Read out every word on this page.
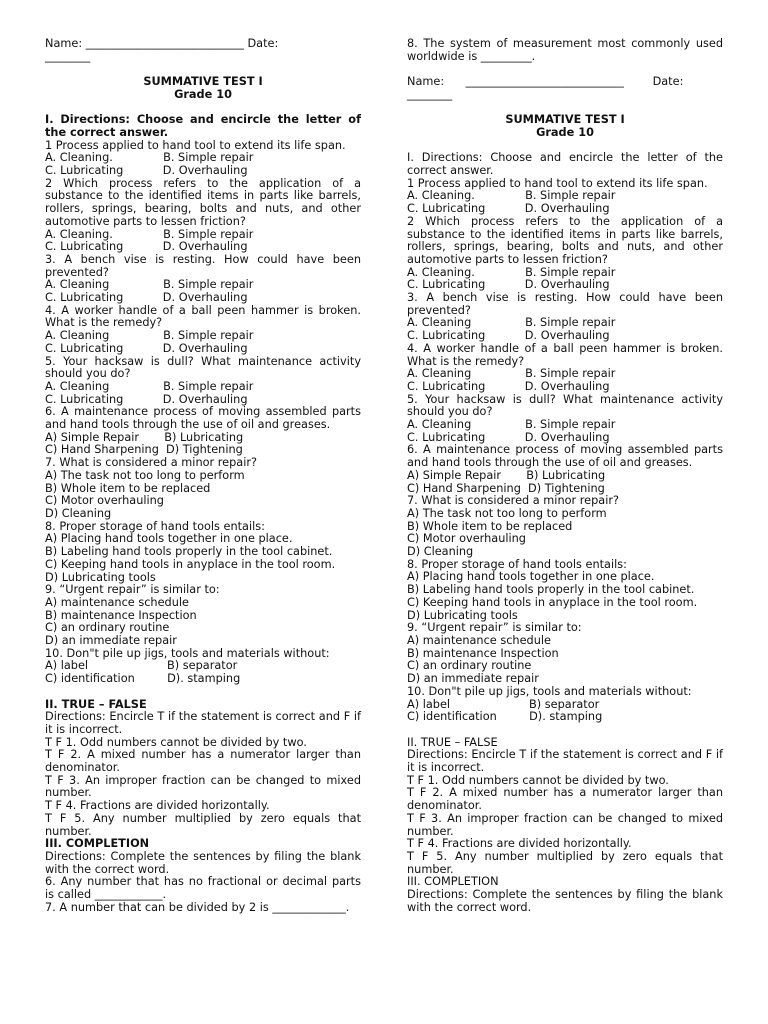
Name: ____________________________ Date:
________
SUMMATIVE TEST I
Grade 10
I. Directions: Choose and encircle the letter of the correct answer.
1 Process applied to hand tool to extend its life span.
A. Cleaning.              B. Simple repair
C. Lubricating           D. Overhauling
2 Which process refers to the application of a substance to the identified items in parts like barrels, rollers, springs, bearing, bolts and nuts, and other automotive parts to lessen friction?
A. Cleaning.              B. Simple repair
C. Lubricating           D. Overhauling
3. A bench vise is resting. How could have been prevented?
A. Cleaning               B. Simple repair
C. Lubricating           D. Overhauling
4. A worker handle of a ball peen hammer is broken. What is the remedy?
A. Cleaning               B. Simple repair
C. Lubricating           D. Overhauling
5. Your hacksaw is dull? What maintenance activity should you do?
A. Cleaning               B. Simple repair
C. Lubricating           D. Overhauling
6. A maintenance process of moving assembled parts and hand tools through the use of oil and greases.
A) Simple Repair       B) Lubricating
C) Hand Sharpening  D) Tightening
7. What is considered a minor repair?
A) The task not too long to perform
B) Whole item to be replaced
C) Motor overhauling
D) Cleaning
8. Proper storage of hand tools entails:
A) Placing hand tools together in one place.
B) Labeling hand tools properly in the tool cabinet.
C) Keeping hand tools in anyplace in the tool room.
D) Lubricating tools
9. “Urgent repair” is similar to:
A) maintenance schedule
B) maintenance Inspection
C) an ordinary routine
D) an immediate repair
10. Don"t pile up jigs, tools and materials without:
A) label                      B) separator
C) identification         D). stamping
II. TRUE – FALSE
Directions: Encircle T if the statement is correct and F if it is incorrect.
T F 1. Odd numbers cannot be divided by two.
T F 2. A mixed number has a numerator larger than denominator.
T F 3. An improper fraction can be changed to mixed number.
T F 4. Fractions are divided horizontally.
T F 5. Any number multiplied by zero equals that number.
III. COMPLETION
Directions: Complete the sentences by filing the blank with the correct word.
6. Any number that has no fractional or decimal parts is called ____________.
7. A number that can be divided by 2 is _____________.
8. The system of measurement most commonly used worldwide is _________.
Name:      ____________________________        Date:
________
SUMMATIVE TEST I
Grade 10
I. Directions: Choose and encircle the letter of the correct answer.
1 Process applied to hand tool to extend its life span.
A. Cleaning.              B. Simple repair
C. Lubricating           D. Overhauling
2 Which process refers to the application of a substance to the identified items in parts like barrels, rollers, springs, bearing, bolts and nuts, and other automotive parts to lessen friction?
A. Cleaning.              B. Simple repair
C. Lubricating           D. Overhauling
3. A bench vise is resting. How could have been prevented?
A. Cleaning               B. Simple repair
C. Lubricating           D. Overhauling
4. A worker handle of a ball peen hammer is broken. What is the remedy?
A. Cleaning               B. Simple repair
C. Lubricating           D. Overhauling
5. Your hacksaw is dull? What maintenance activity should you do?
A. Cleaning               B. Simple repair
C. Lubricating           D. Overhauling
6. A maintenance process of moving assembled parts and hand tools through the use of oil and greases.
A) Simple Repair       B) Lubricating
C) Hand Sharpening  D) Tightening
7. What is considered a minor repair?
A) The task not too long to perform
B) Whole item to be replaced
C) Motor overhauling
D) Cleaning
8. Proper storage of hand tools entails:
A) Placing hand tools together in one place.
B) Labeling hand tools properly in the tool cabinet.
C) Keeping hand tools in anyplace in the tool room.
D) Lubricating tools
9. “Urgent repair” is similar to:
A) maintenance schedule
B) maintenance Inspection
C) an ordinary routine
D) an immediate repair
10. Don"t pile up jigs, tools and materials without:
A) label                      B) separator
C) identification         D). stamping
II. TRUE – FALSE
Directions: Encircle T if the statement is correct and F if it is incorrect.
T F 1. Odd numbers cannot be divided by two.
T F 2. A mixed number has a numerator larger than denominator.
T F 3. An improper fraction can be changed to mixed number.
T F 4. Fractions are divided horizontally.
T F 5. Any number multiplied by zero equals that number.
III. COMPLETION
Directions: Complete the sentences by filing the blank with the correct word.
